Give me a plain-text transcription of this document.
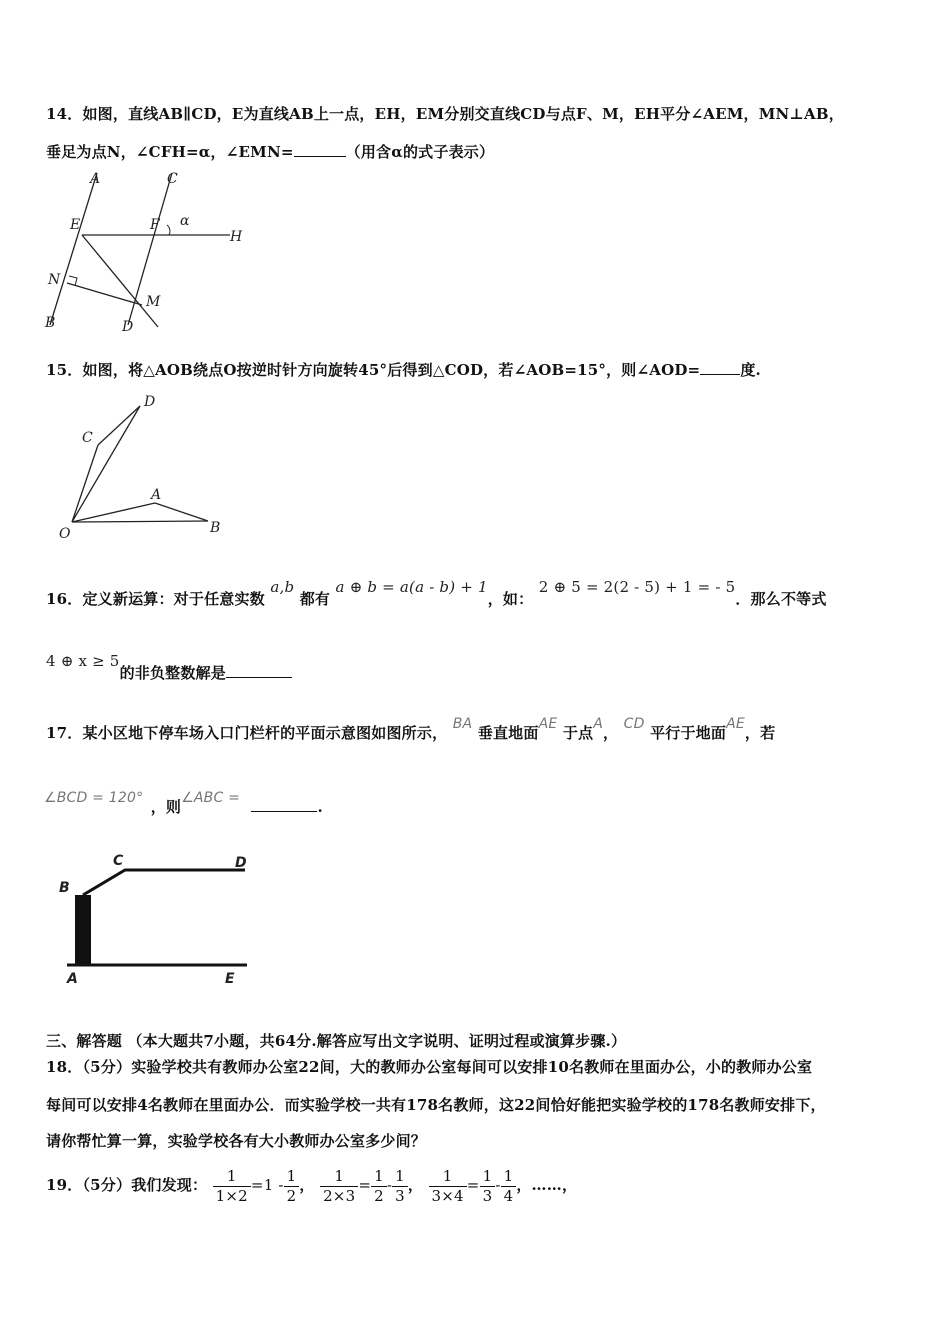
14．如图，直线AB∥CD，E为直线AB上一点，EH，EM分别交直线CD与点F、M，EH平分∠AEM，MN⊥AB，
垂足为点N，∠CFH=α，∠EMN=	（用含α的式子表示）
A	C
E	F α
H
N
M
B	D
15．如图，将△AOB绕点O按逆时针方向旋转45°后得到△COD，若∠AOB=15°，则∠AOD=	度.
D
C
A
B
O
16．定义新运算：对于任意实数 a,b 都有 a ⊕ b = a(a - b) + 1，如： 2 ⊕ 5 = 2(2 - 5) + 1 = - 5．那么不等式
4 ⊕ x ≥ 5的非负整数解是
17．某小区地下停车场入口门栏杆的平面示意图如图所示， BA 垂直地面AE 于点A， CD 平行于地面AE，若
∠BCD = 120° ，则∠ABC =	.
B
C	D
A	E
三、解答题 （本大题共7小题，共64分.解答应写出文字说明、证明过程或演算步骤.）
18．（5分）实验学校共有教师办公室22间，大的教师办公室每间可以安排10名教师在里面办公，小的教师办公室
每间可以安排4名教师在里面办公．而实验学校一共有178名教师，这22间恰好能把实验学校的178名教师安排下，
请你帮忙算一算，实验学校各有大小教师办公室多少间？
19．（5分）我们发现： $\frac{1}{1\times 2} =1 - \frac{1}{2}$ ， $\frac{1}{2\times 3} = \frac{1}{2} - \frac{1}{3}$ ， $\frac{1}{3\times 4} = \frac{1}{3} - \frac{1}{4}$ ，……，
